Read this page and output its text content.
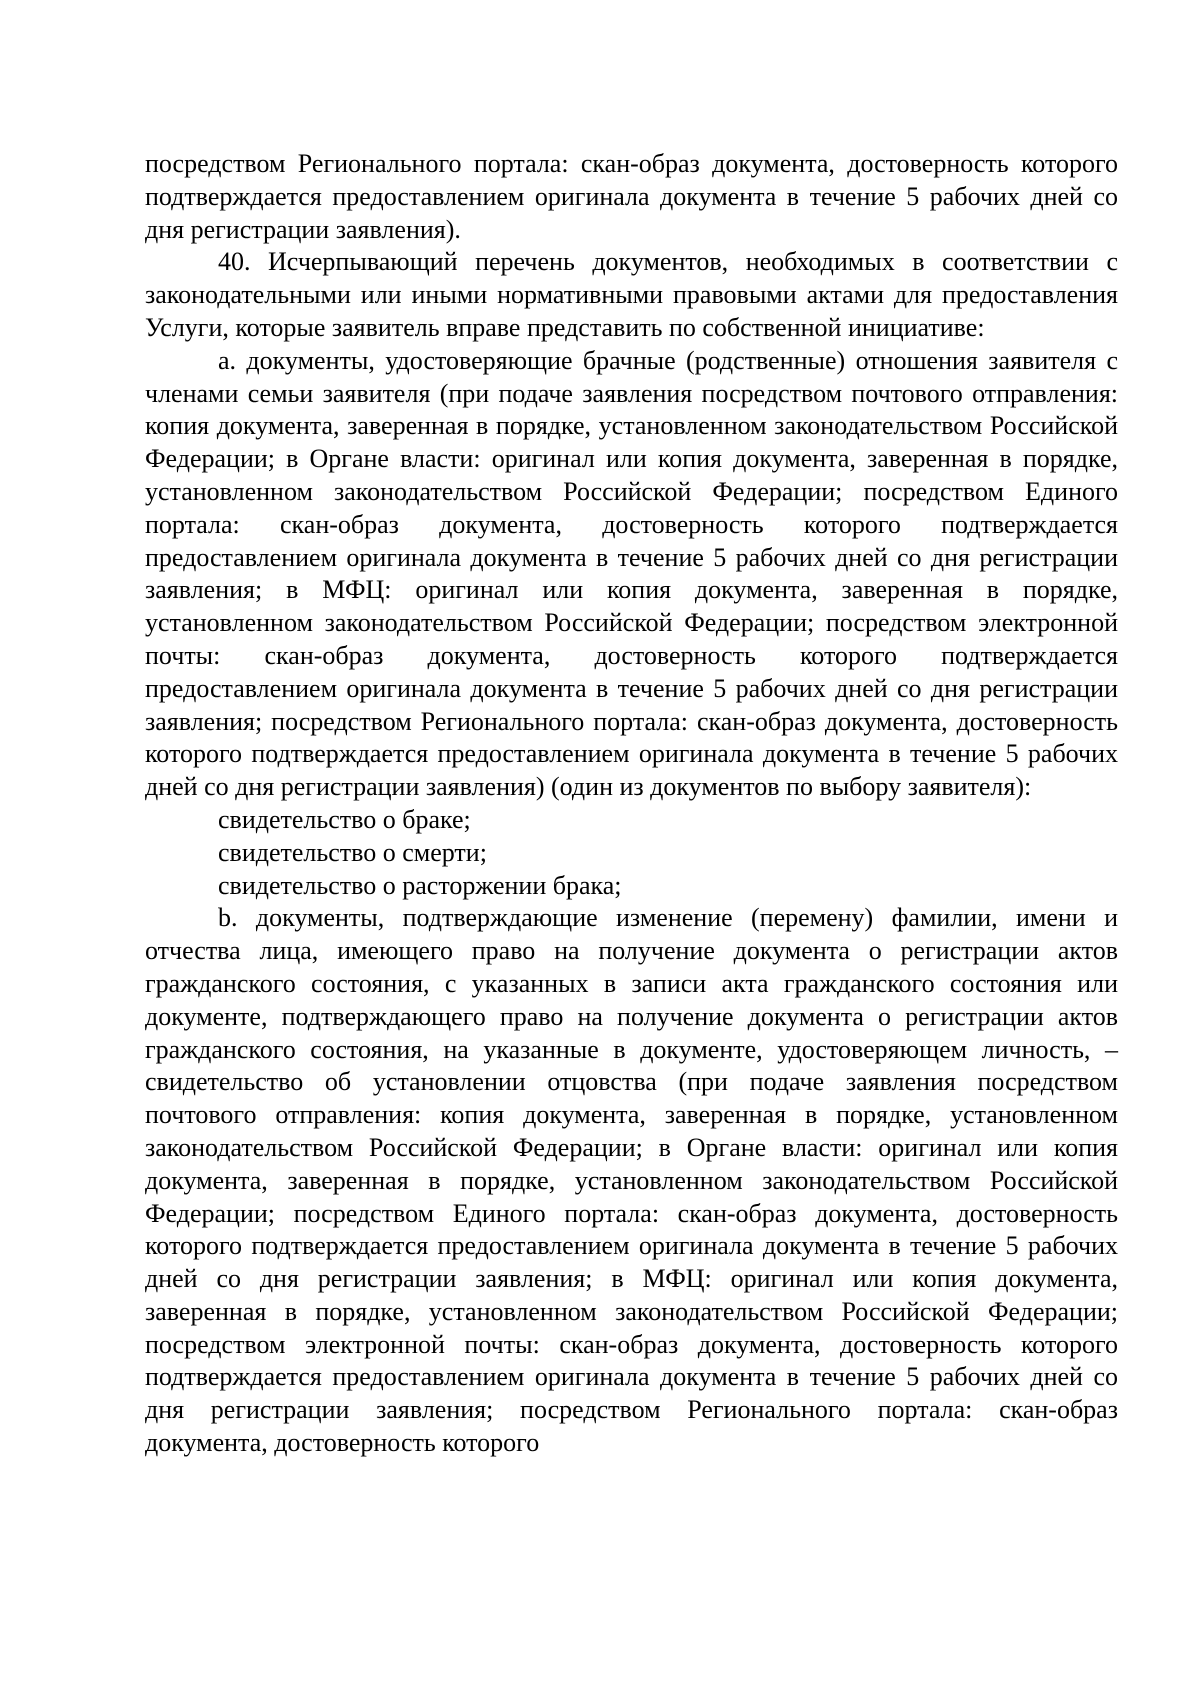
посредством Регионального портала: скан-образ документа, достоверность которого подтверждается предоставлением оригинала документа в течение 5 рабочих дней со дня регистрации заявления).

40. Исчерпывающий перечень документов, необходимых в соответствии с законодательными или иными нормативными правовыми актами для предоставления Услуги, которые заявитель вправе представить по собственной инициативе:

a. документы, удостоверяющие брачные (родственные) отношения заявителя с членами семьи заявителя (при подаче заявления посредством почтового отправления: копия документа, заверенная в порядке, установленном законодательством Российской Федерации; в Органе власти: оригинал или копия документа, заверенная в порядке, установленном законодательством Российской Федерации; посредством Единого портала: скан-образ документа, достоверность которого подтверждается предоставлением оригинала документа в течение 5 рабочих дней со дня регистрации заявления; в МФЦ: оригинал или копия документа, заверенная в порядке, установленном законодательством Российской Федерации; посредством электронной почты: скан-образ документа, достоверность которого подтверждается предоставлением оригинала документа в течение 5 рабочих дней со дня регистрации заявления; посредством Регионального портала: скан-образ документа, достоверность которого подтверждается предоставлением оригинала документа в течение 5 рабочих дней со дня регистрации заявления) (один из документов по выбору заявителя):

свидетельство о браке;

свидетельство о смерти;

свидетельство о расторжении брака;

b. документы, подтверждающие изменение (перемену) фамилии, имени и отчества лица, имеющего право на получение документа о регистрации актов гражданского состояния, с указанных в записи акта гражданского состояния или документе, подтверждающего право на получение документа о регистрации актов гражданского состояния, на указанные в документе, удостоверяющем личность, – свидетельство об установлении отцовства (при подаче заявления посредством почтового отправления: копия документа, заверенная в порядке, установленном законодательством Российской Федерации; в Органе власти: оригинал или копия документа, заверенная в порядке, установленном законодательством Российской Федерации; посредством Единого портала: скан-образ документа, достоверность которого подтверждается предоставлением оригинала документа в течение 5 рабочих дней со дня регистрации заявления; в МФЦ: оригинал или копия документа, заверенная в порядке, установленном законодательством Российской Федерации; посредством электронной почты: скан-образ документа, достоверность которого подтверждается предоставлением оригинала документа в течение 5 рабочих дней со дня регистрации заявления; посредством Регионального портала: скан-образ документа, достоверность которого
